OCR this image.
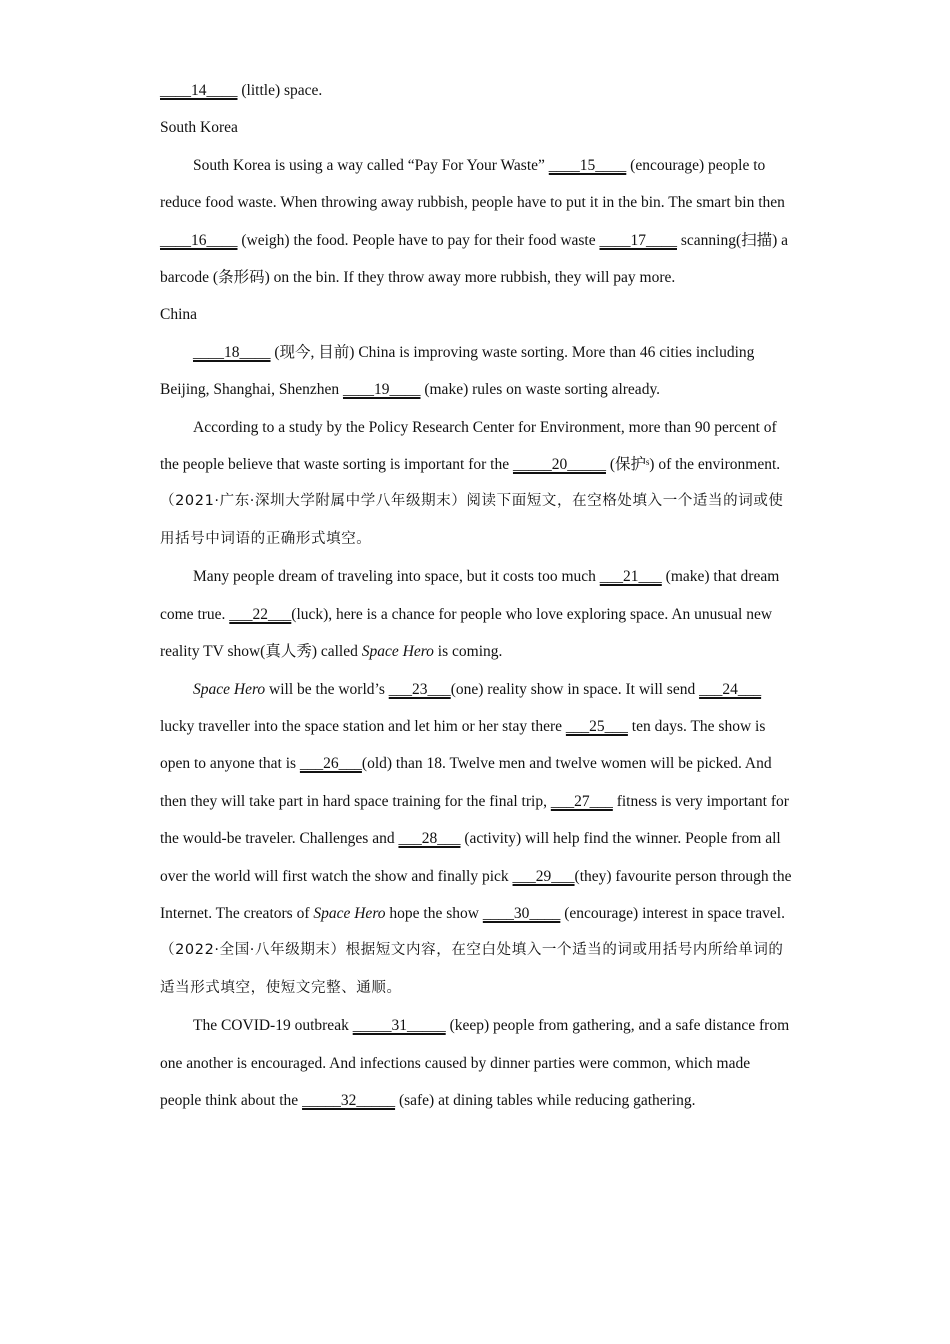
____14____ (little) space.

South Korea

South Korea is using a way called “Pay For Your Waste” ____15____ (encourage) people to reduce food waste. When throwing away rubbish, people have to put it in the bin. The smart bin then ____16____ (weigh) the food. People have to pay for their food waste ____17____ scanning(扫描) a barcode (条形码) on the bin. If they throw away more rubbish, they will pay more.

China

____18____ (现今, 目前) China is improving waste sorting. More than 46 cities including Beijing, Shanghai, Shenzhen ____19____ (make) rules on waste sorting already.

According to a study by the Policy Research Center for Environment, more than 90 percent of the people believe that waste sorting is important for the _____20_____ (保护ˢ) of the environment.

（2021·广东·深圳大学附属中学八年级期末）阅读下面短文，在空格处填入一个适当的词或使用括号中词语的正确形式填空。

Many people dream of traveling into space, but it costs too much ___21___ (make) that dream come true. ___22___(luck), here is a chance for people who love exploring space. An unusual new reality TV show(真人秀) called Space Hero is coming.

Space Hero will be the world’s ___23___(one) reality show in space. It will send ___24___ lucky traveller into the space station and let him or her stay there ___25___ ten days. The show is open to anyone that is ___26___(old) than 18. Twelve men and twelve women will be picked. And then they will take part in hard space training for the final trip, ___27___ fitness is very important for the would-be traveler. Challenges and ___28___ (activity) will help find the winner. People from all over the world will first watch the show and finally pick ___29___(they) favourite person through the Internet. The creators of Space Hero hope the show ____30____ (encourage) interest in space travel.

（2022·全国·八年级期末）根据短文内容，在空白处填入一个适当的词或用括号内所给单词的适当形式填空，使短文完整、通顺。

The COVID-19 outbreak _____31_____ (keep) people from gathering, and a safe distance from one another is encouraged. And infections caused by dinner parties were common, which made people think about the _____32_____ (safe) at dining tables while reducing gathering.
